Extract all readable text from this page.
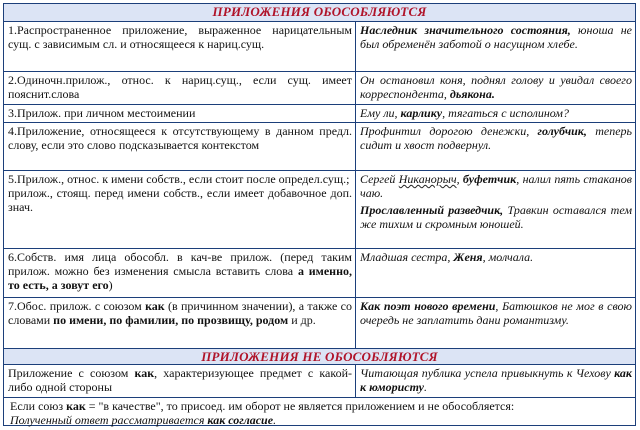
ПРИЛОЖЕНИЯ ОБОСОБЛЯЮТСЯ
1.Распространенное приложение, выраженное нарицательным сущ. с зависимым сл. и относящееся к нариц.сущ.
Наследник значительного состояния, юноша не был обременён заботой о насущном хлебе.
2.Одиночн.прилож., относ. к нариц.сущ., если сущ. имеет пояснит.слова
Он остановил коня, поднял голову и увидал своего корреспондента, дьякона.
3.Прилож. при личном местоимении	Ему ли, карлику, тягаться с исполином?
4.Приложение, относящееся к отсутствующему в данном предл. слову, если это слово подсказывается контекстом
Профинтил дорогою денежки, голубчик, теперь сидит и хвост подвернул.
5.Прилож., относ. к имени собств., если стоит после определ.сущ.;
прилож., стоящ. перед имени собств., если имеет добавочное доп. знач.
Сергей Никанорыч, буфетчик, налил пять стаканов чаю.
Прославленный разведчик, Травкин оставался тем же тихим и скромным юношей.
6.Собств. имя лица обособл. в кач-ве прилож. (перед таким прилож. можно без изменения смысла вставить слова а именно, то есть, а зовут его)
Младшая сестра, Женя, молчала.
7.Обос. прилож. с союзом как (в причинном значении), а также со словами по имени, по фамилии, по прозвищу, родом и др.
Как поэт нового времени, Батюшков не мог в свою очередь не заплатить дани романтизму.
ПРИЛОЖЕНИЯ НЕ ОБОСОБЛЯЮТСЯ
Приложение с союзом как, характеризующее предмет с какой-либо одной стороны
Читающая публика успела привыкнуть к Чехову как к юмористу.
Если союз как = "в качестве", то присоед. им оборот не является приложением и не обособляется:
Полученный ответ рассматривается как согласие.
